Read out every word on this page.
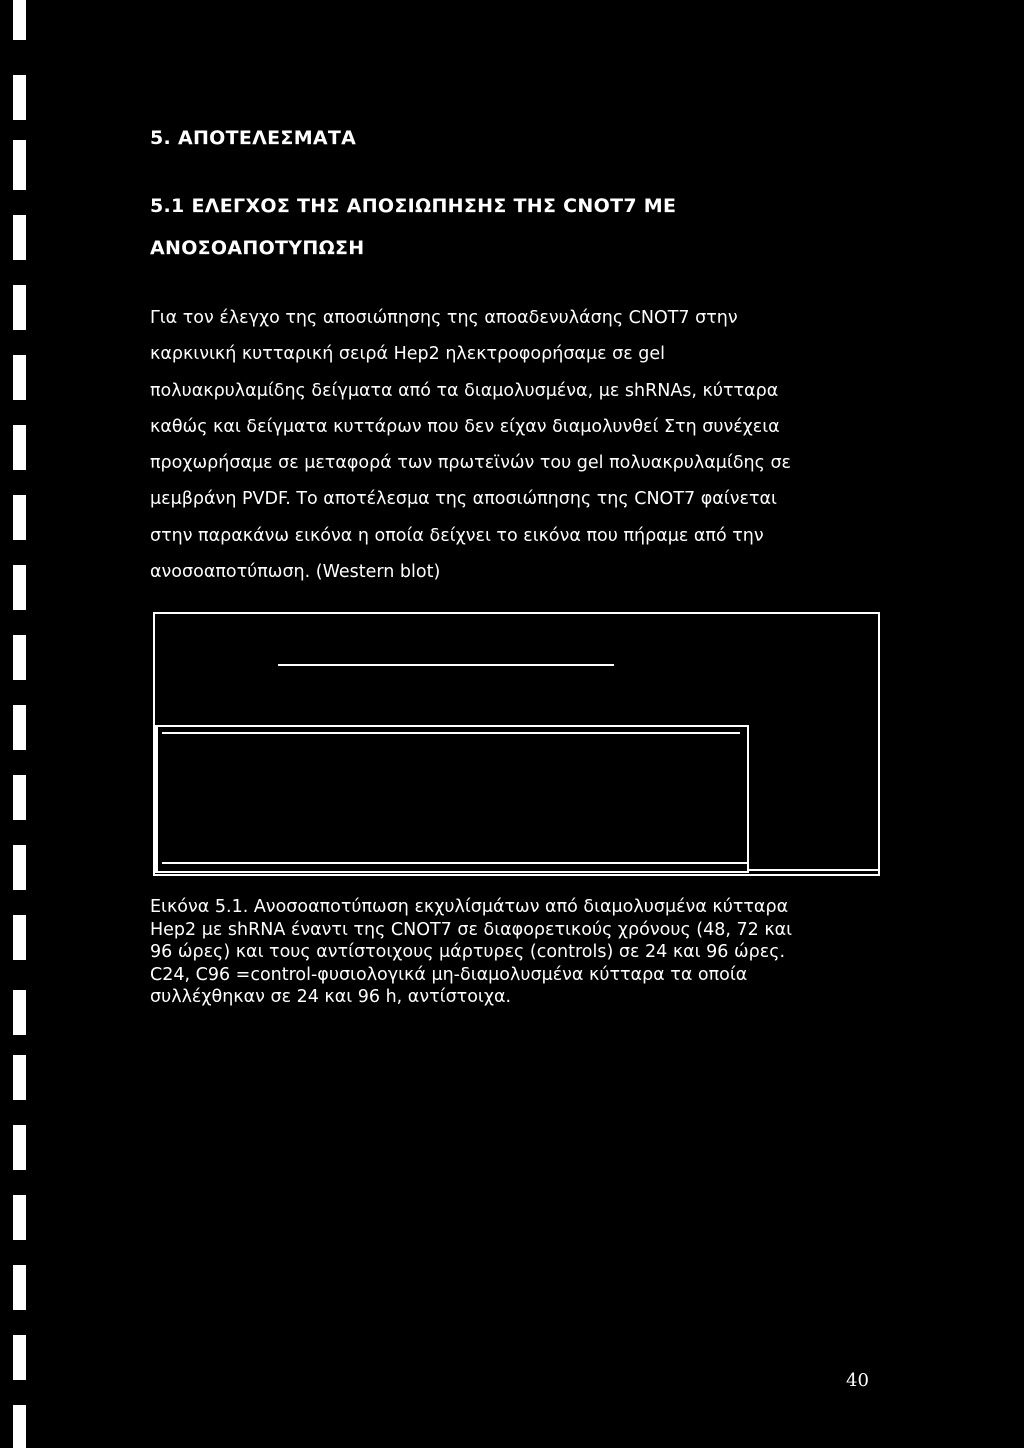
5. ΑΠΟΤΕΛΕΣΜΑΤΑ
5.1 ΕΛΕΓΧΟΣ ΤΗΣ ΑΠΟΣΙΩΠΗΣΗΣ ΤΗΣ CNOT7 ΜΕ
ΑΝΟΣΟΑΠΟΤΥΠΩΣΗ

Για τον έλεγχο της αποσιώπησης της αποαδενυλάσης CNOT7 στην
καρκινική κυτταρική σειρά Hep2 ηλεκτροφορήσαμε σε gel
πολυακρυλαμίδης δείγματα από τα διαμολυσμένα, με shRNAs, κύτταρα
καθώς και δείγματα κυττάρων που δεν είχαν διαμολυνθεί Στη συνέχεια
προχωρήσαμε σε μεταφορά των πρωτεϊνών του gel πολυακρυλαμίδης σε
μεμβράνη PVDF. Το αποτέλεσμα της αποσιώπησης της CNOT7 φαίνεται
στην παρακάνω εικόνα η οποία δείχνει το εικόνα που πήραμε από την
ανοσοαποτύπωση. (Western blot)

Εικόνα 5.1. Ανοσοαποτύπωση εκχυλίσμάτων από διαμολυσμένα κύτταρα
Hep2 με shRNA έναντι της CNOT7 σε διαφορετικούς χρόνους (48, 72 και
96 ώρες) και τους αντίστοιχους μάρτυρες (controls) σε 24 και 96 ώρες.
C24, C96 =control-φυσιολογικά μη-διαμολυσμένα κύτταρα τα οποία
συλλέχθηκαν σε 24 και 96 h, αντίστοιχα.
40
